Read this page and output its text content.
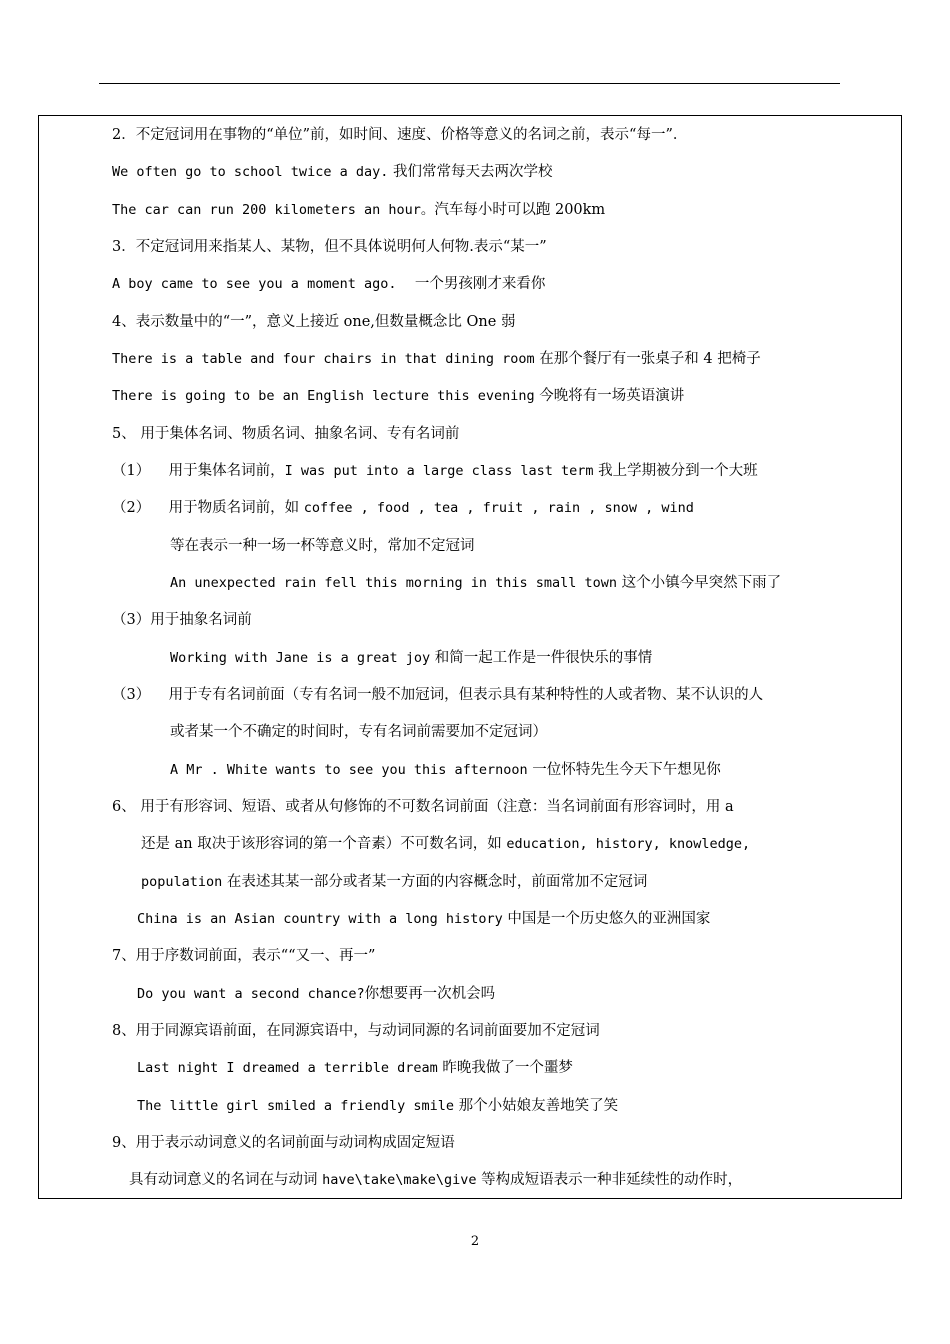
2．不定冠词用在事物的“单位”前，如时间、速度、价格等意义的名词之前，表示“每一”．
We often go to school twice a day. 我们常常每天去两次学校
The car can run 200 kilometers an hour。汽车每小时可以跑 200km
3．不定冠词用来指某人、某物，但不具体说明何人何物.表示“某一”
A boy came to see you a moment ago.    一个男孩刚才来看你
4、表示数量中的“一”，意义上接近 one,但数量概念比 One 弱
There is a table and four chairs in that dining room 在那个餐厅有一张桌子和 4 把椅子
There is going to be an English lecture this evening 今晚将有一场英语演讲
5、 用于集体名词、物质名词、抽象名词、专有名词前
（1）    用于集体名词前，I was put into a large class last term 我上学期被分到一个大班
（2）    用于物质名词前，如 coffee , food , tea , fruit , rain , snow , wind
等在表示一种一场一杯等意义时，常加不定冠词
An unexpected rain fell this morning in this small town 这个小镇今早突然下雨了
（3）用于抽象名词前
Working with Jane is a great joy 和简一起工作是一件很快乐的事情
（3）    用于专有名词前面（专有名词一般不加冠词，但表示具有某种特性的人或者物、某不认识的人
或者某一个不确定的时间时，专有名词前需要加不定冠词）
A Mr . White wants to see you this afternoon 一位怀特先生今天下午想见你
6、 用于有形容词、短语、或者从句修饰的不可数名词前面（注意：当名词前面有形容词时，用 a
还是 an 取决于该形容词的第一个音素）不可数名词，如 education, history, knowledge,
population 在表述其某一部分或者某一方面的内容概念时，前面常加不定冠词
China is an Asian country with a long history 中国是一个历史悠久的亚洲国家
7、用于序数词前面，表示““又一、再一”
Do you want a second chance?你想要再一次机会吗
8、用于同源宾语前面，在同源宾语中，与动词同源的名词前面要加不定冠词
Last night I dreamed a terrible dream 昨晚我做了一个噩梦
The little girl smiled a friendly smile 那个小姑娘友善地笑了笑
9、用于表示动词意义的名词前面与动词构成固定短语
具有动词意义的名词在与动词 have\take\make\give 等构成短语表示一种非延续性的动作时，
2
